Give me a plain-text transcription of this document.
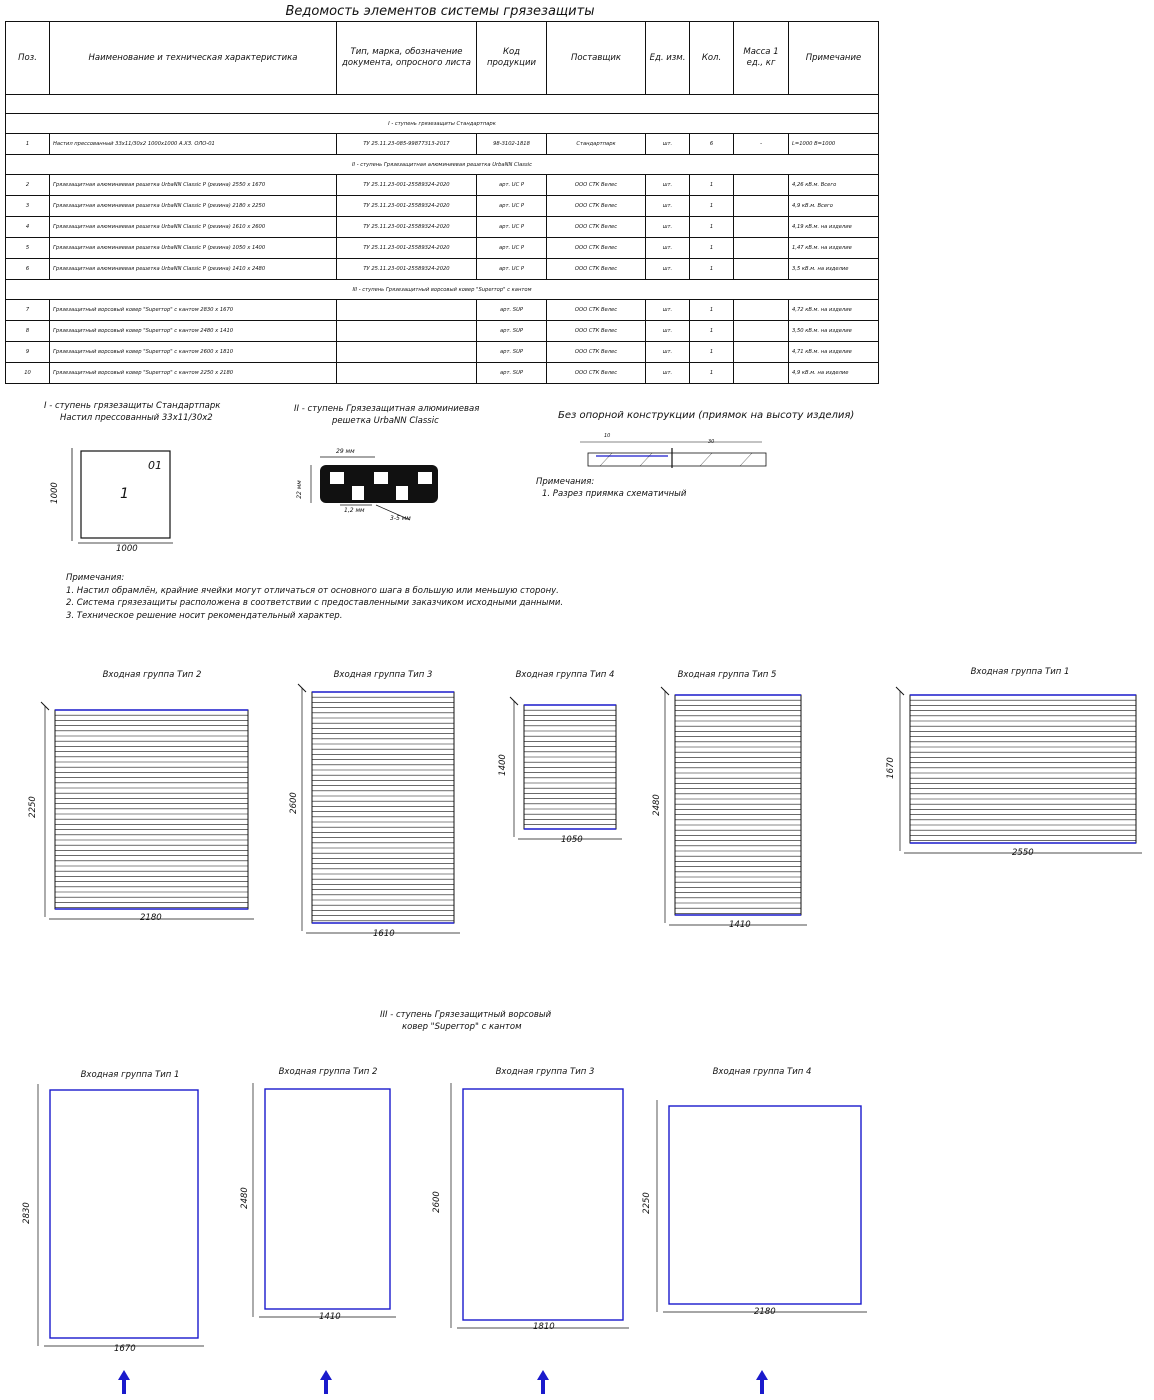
Ведомость элементов системы грязезащиты
Поз.	Наименование и техническая характеристика	Тип, марка, обозначение документа, опросного листа	Код продукции	Поставщик	Ед. изм.	Кол.	Масса 1 ед., кг	Примечание

I - ступень грязезащиты Стандартпарк								
1	Настил прессованный 33х11/30х2 1000х1000 А.ХЗ. ОЛО-01	ТУ 25.11.23-085-99877313-2017	98-3102-1818	Стандартпарк	шт.	6	-	L=1000 В=1000
II - ступень Грязезащитная алюминиевая решетка UrbaNN Classic								
2	Грязезащитная алюминиевая решетка UrbaNN Classic P (резина) 2550 х 1670	ТУ 25.11.23-001-25589324-2020	арт. UC P	ООО СТК Велес	шт.	1		4,26 кВ.м. Всего
3	Грязезащитная алюминиевая решетка UrbaNN Classic P (резина) 2180 х 2250	ТУ 25.11.23-001-25589324-2020	арт. UC P	ООО СТК Велес	шт.	1		4,9 кВ.м. Всего
4	Грязезащитная алюминиевая решетка UrbaNN Classic P (резина) 1610 х 2600	ТУ 25.11.23-001-25589324-2020	арт. UC P	ООО СТК Велес	шт.	1		4,19 кВ.м. на изделие
5	Грязезащитная алюминиевая решетка UrbaNN Classic P (резина) 1050 х 1400	ТУ 25.11.23-001-25589324-2020	арт. UC P	ООО СТК Велес	шт.	1		1,47 кВ.м. на изделие
6	Грязезащитная алюминиевая решетка UrbaNN Classic P (резина) 1410 х 2480	ТУ 25.11.23-001-25589324-2020	арт. UC P	ООО СТК Велес	шт.	1		3,5 кВ.м. на изделие
III - ступень Грязезащитный ворсовый ковер "Superтор" с кантом								
7	Грязезащитный ворсовый ковер "Superтор" с кантом 2830 х 1670		арт. SUP	ООО СТК Велес	шт.	1		4,72 кВ.м. на изделие
8	Грязезащитный ворсовый ковер "Superтор" с кантом 2480 х 1410		арт. SUP	ООО СТК Велес	шт.	1		3,50 кВ.м. на изделие
9	Грязезащитный ворсовый ковер "Superтор" с кантом 2600 х 1810		арт. SUP	ООО СТК Велес	шт.	1		4,71 кВ.м. на изделие
10	Грязезащитный ворсовый ковер "Superтор" с кантом 2250 х 2180		арт. SUP	ООО СТК Велес	шт.	1		4,9 кВ.м. на изделие
I - ступень грязезащиты Стандартпарк
Настил прессованный 33х11/30х2
01
1
1000
1000
II - ступень Грязезащитная алюминиевая
решетка UrbaNN Classic
29 мм
22 мм
1,2 мм
3-5 мм
Без опорной конструкции (приямок на высоту изделия)
10
30
Примечания:
1. Разрез приямка схематичный
Примечания:
1. Настил обрамлён, крайние ячейки могут отличаться от основного шага в большую или меньшую сторону.
2. Система грязезащиты расположена в соответствии с предоставленными заказчиком исходными данными.
3. Техническое решение носит рекомендательный характер.
Входная группа Тип 2
2250
2180
Входная группа Тип 3
2600
1610
Входная группа Тип 4
1400
1050
Входная группа Тип 5
2480
1410
Входная группа Тип 1
1670
2550
III - ступень Грязезащитный ворсовый
ковер "Superтор" с кантом
Входная группа Тип 1
2830
1670
Входная группа Тип 2
2480
1410
Входная группа Тип 3
2600
1810
Входная группа Тип 4
2250
2180
